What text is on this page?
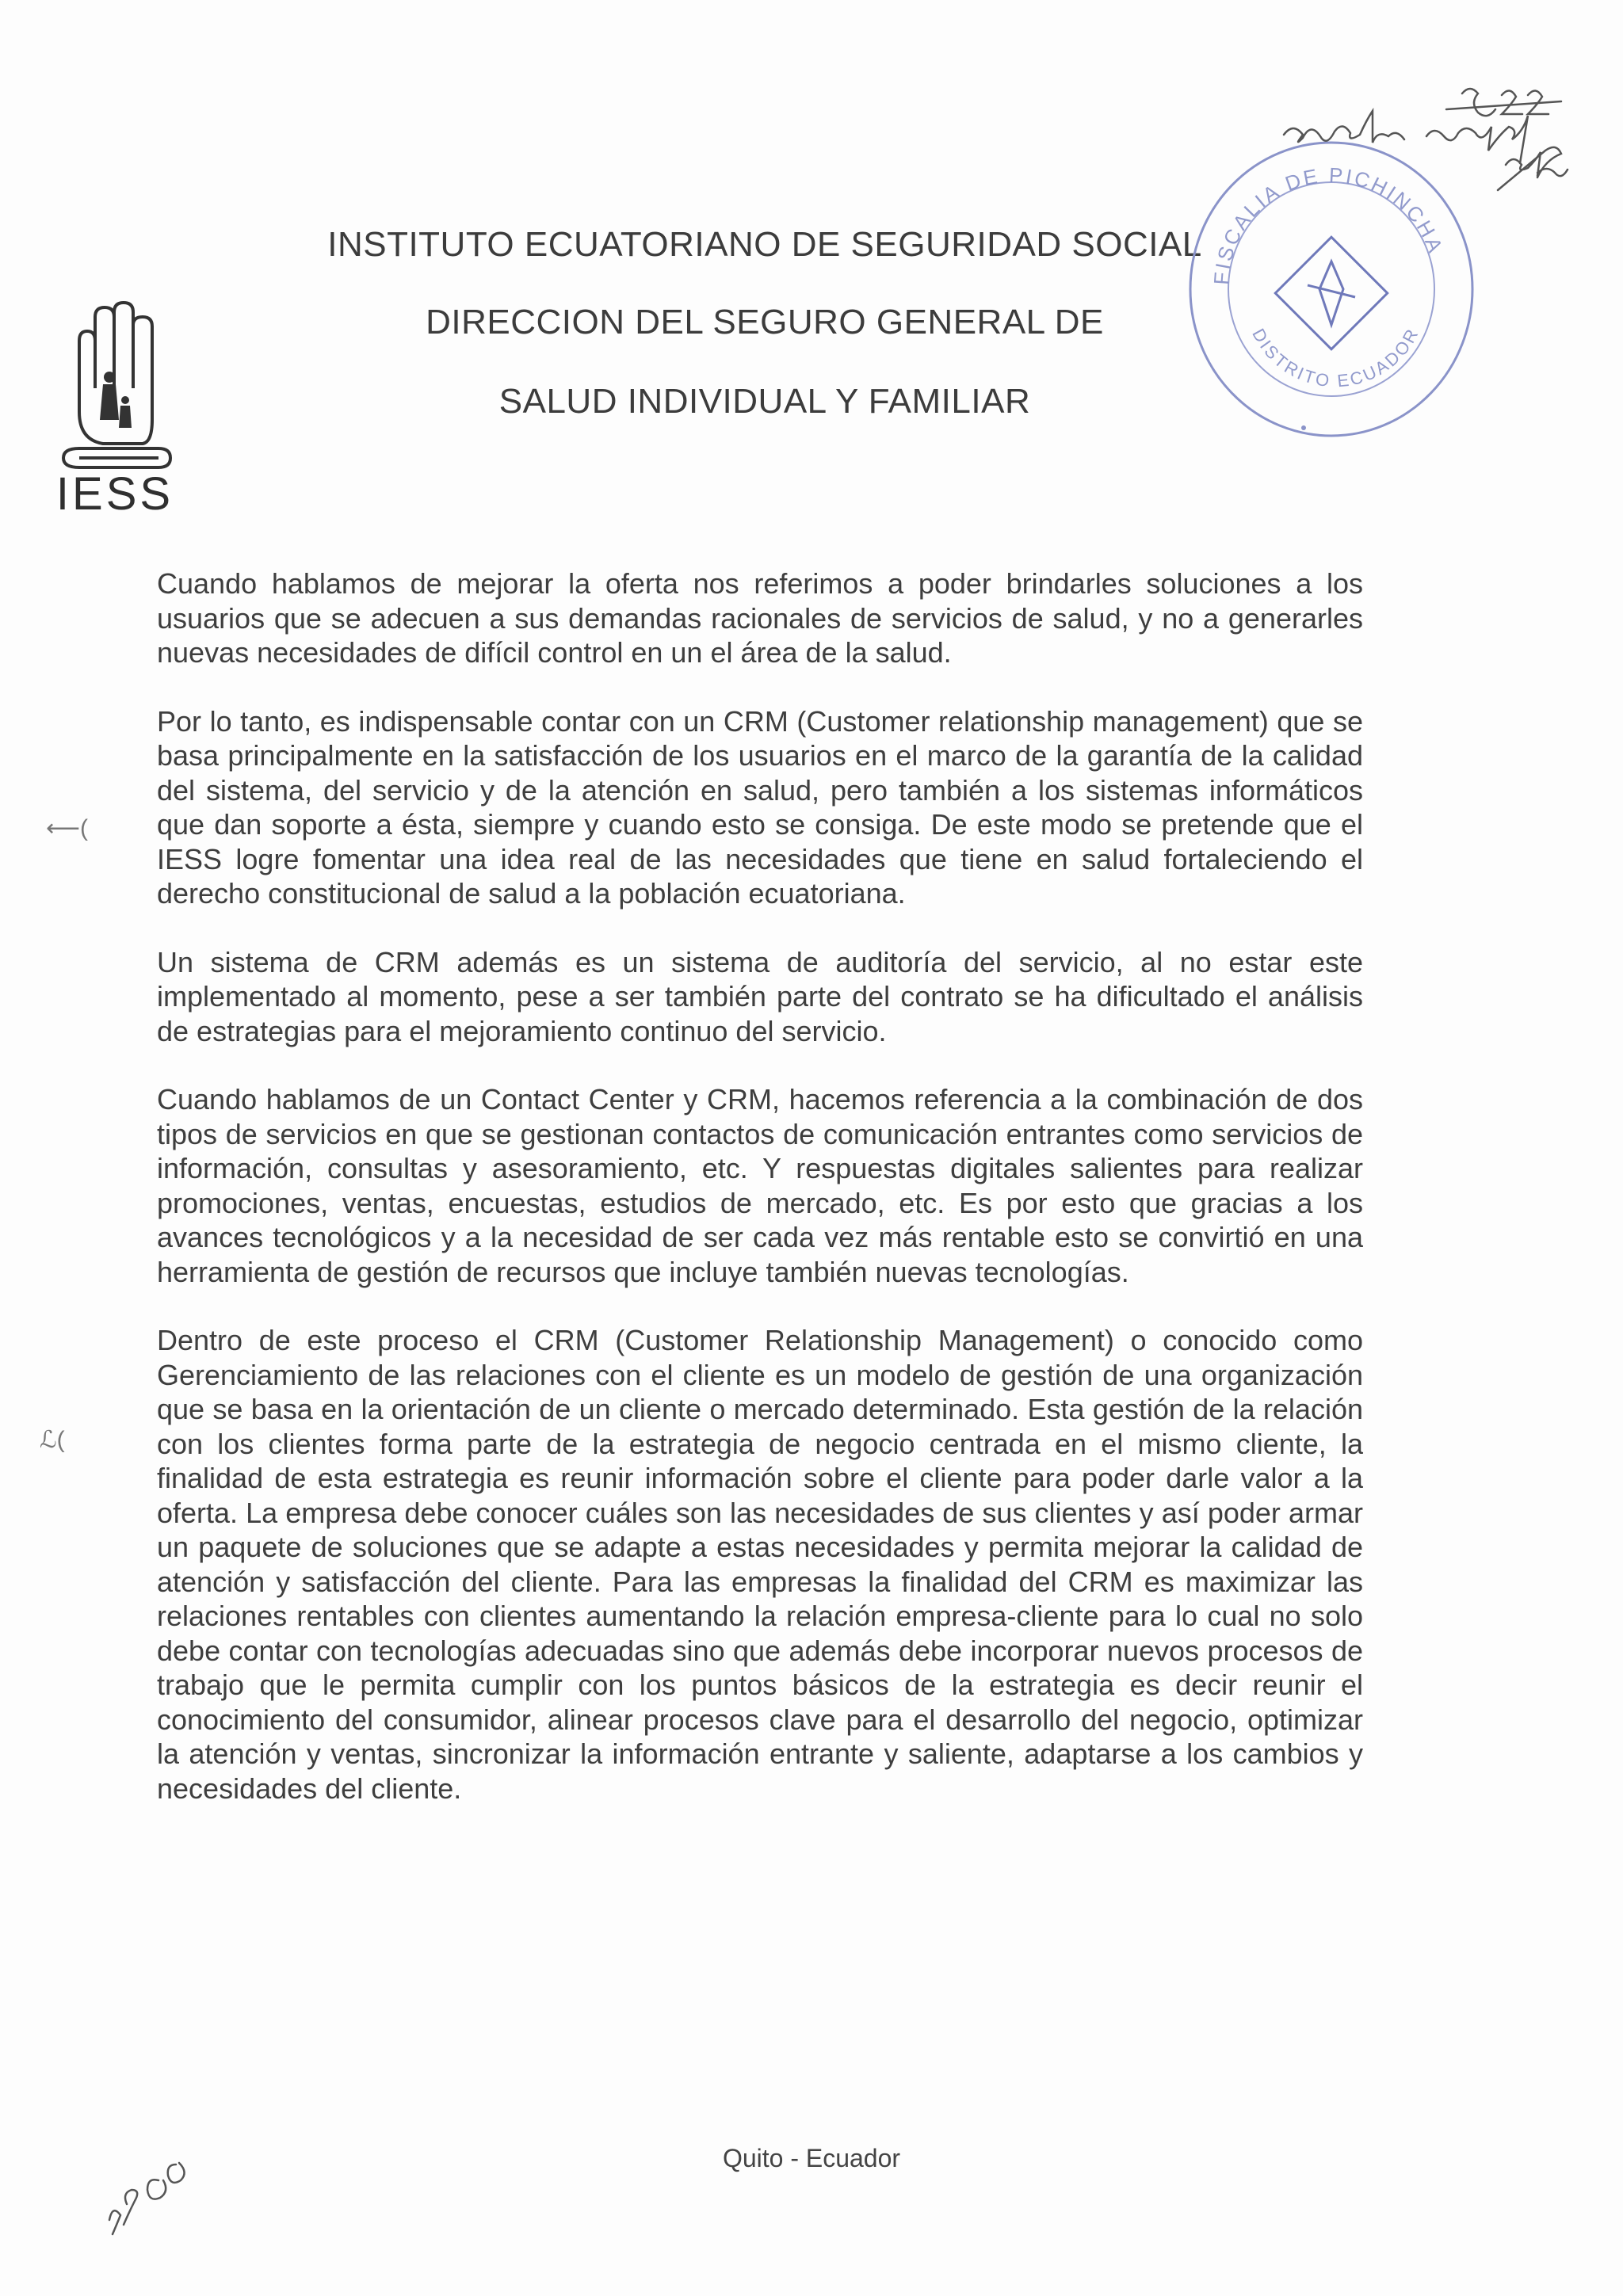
IESS
INSTITUTO ECUATORIANO DE SEGURIDAD SOCIAL
DIRECCION DEL SEGURO GENERAL DE
SALUD INDIVIDUAL Y FAMILIAR
FISCALIA DE PICHINCHA
DISTRITO ECUADOR
⟵(
ℒ(

Cuando hablamos de mejorar la oferta nos referimos a poder brindarles soluciones a los usuarios que se adecuen a sus demandas racionales de servicios de salud, y no a generarles nuevas necesidades de difícil control en un el área de la salud.

Por lo tanto, es indispensable contar con un CRM (Customer relationship management) que se basa principalmente en la satisfacción de los usuarios en el marco de la garantía de la calidad del sistema, del servicio y de la atención en salud, pero también a los sistemas informáticos que dan soporte a ésta, siempre y cuando esto se consiga. De este modo se pretende que el IESS logre fomentar una idea real de las necesidades que tiene en salud fortaleciendo el derecho constitucional de salud a la población ecuatoriana.

Un sistema de CRM además es un sistema de auditoría del servicio, al no estar este implementado al momento, pese a ser también parte del contrato se ha dificultado el análisis de estrategias para el mejoramiento continuo del servicio.

Cuando hablamos de un Contact Center y CRM, hacemos referencia a la combinación de dos tipos de servicios en que se gestionan contactos de comunicación entrantes como servicios de información, consultas y asesoramiento, etc. Y respuestas digitales salientes para realizar promociones, ventas, encuestas, estudios de mercado, etc. Es por esto que gracias a los avances tecnológicos y a la necesidad de ser cada vez más rentable esto se convirtió en una herramienta de gestión de recursos que incluye también nuevas tecnologías.

Dentro de este proceso el CRM (Customer Relationship Management) o conocido como Gerenciamiento de las relaciones con el cliente es un modelo de gestión de una organización que se basa en la orientación de un cliente o mercado determinado. Esta gestión de la relación con los clientes forma parte de la estrategia de negocio centrada en el mismo cliente, la finalidad de esta estrategia es reunir información sobre el cliente para poder darle valor a la oferta. La empresa debe conocer cuáles son las necesidades de sus clientes y así poder armar un paquete de soluciones que se adapte a estas necesidades y permita mejorar la calidad de atención y satisfacción del cliente. Para las empresas la finalidad del CRM es maximizar las relaciones rentables con clientes aumentando la relación empresa-cliente para lo cual no solo debe contar con tecnologías adecuadas sino que además debe incorporar nuevos procesos de trabajo que le permita cumplir con los puntos básicos de la estrategia es decir reunir el conocimiento del consumidor, alinear procesos clave para el desarrollo del negocio, optimizar la atención y ventas, sincronizar la información entrante y saliente, adaptarse a los cambios y necesidades del cliente.

Quito - Ecuador
